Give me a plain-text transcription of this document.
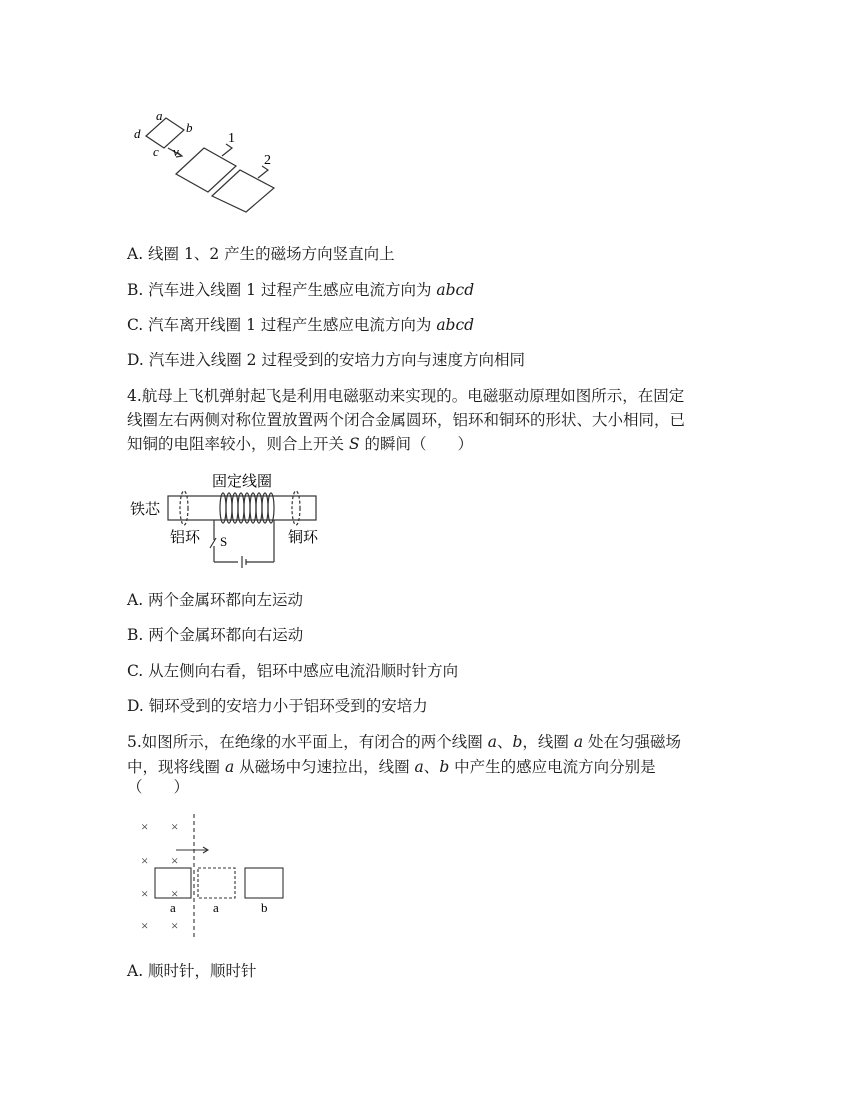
a
b
c
d
v
1
2
A. 线圈 1、2 产生的磁场方向竖直向上
B. 汽车进入线圈 1 过程产生感应电流方向为 abcd
C. 汽车离开线圈 1 过程产生感应电流方向为 abcd
D. 汽车进入线圈 2 过程受到的安培力方向与速度方向相同
4.航母上飞机弹射起飞是利用电磁驱动来实现的。电磁驱动原理如图所示，在固定
线圈左右两侧对称位置放置两个闭合金属圆环，铝环和铜环的形状、大小相同，已
知铜的电阻率较小，则合上开关 S 的瞬间（　　）
固定线圈
铁芯
铝环	铜环
S
A. 两个金属环都向左运动
B. 两个金属环都向右运动
C. 从左侧向右看，铝环中感应电流沿顺时针方向
D. 铜环受到的安培力小于铝环受到的安培力
5.如图所示，在绝缘的水平面上，有闭合的两个线圈 a、b，线圈 a 处在匀强磁场
中，现将线圈 a 从磁场中匀速拉出，线圈 a、b 中产生的感应电流方向分别是
（　　）
× ×
× ×
× ×
× ×
a	a	b
A. 顺时针，顺时针
